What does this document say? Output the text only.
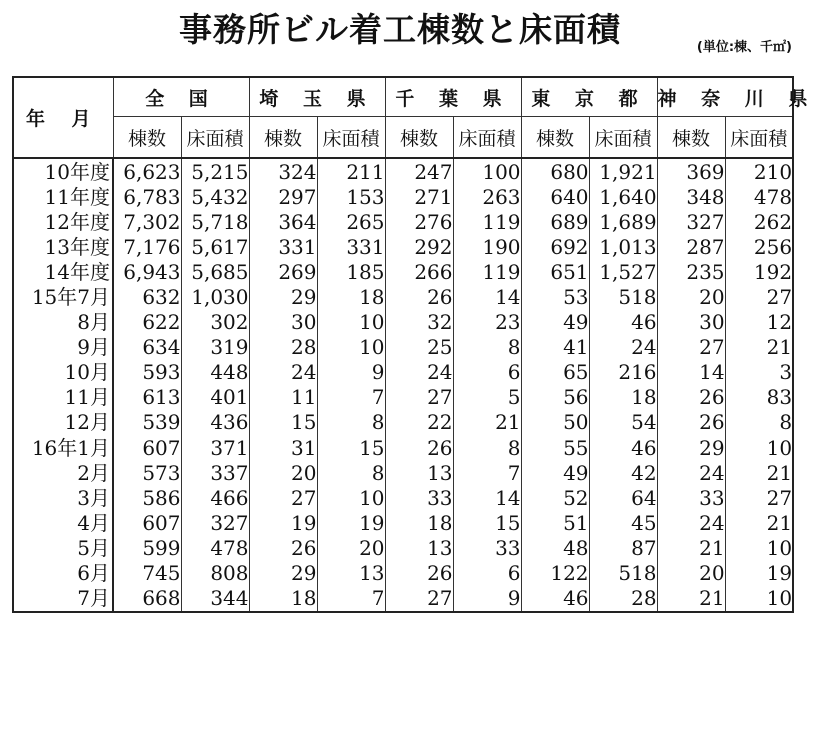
事務所ビル着工棟数と床面積	(単位:棟、千㎡)
年 月	全 国		埼 玉 県		千 葉 県		東 京 都		神 奈 川 県	
	棟数	床面積	棟数	床面積	棟数	床面積	棟数	床面積	棟数	床面積
10年度	6,623	5,215	324	211	247	100	680	1,921	369	210
11年度	6,783	5,432	297	153	271	263	640	1,640	348	478
12年度	7,302	5,718	364	265	276	119	689	1,689	327	262
13年度	7,176	5,617	331	331	292	190	692	1,013	287	256
14年度	6,943	5,685	269	185	266	119	651	1,527	235	192
15年7月	632	1,030	29	18	26	14	53	518	20	27
8月	622	302	30	10	32	23	49	46	30	12
9月	634	319	28	10	25	8	41	24	27	21
10月	593	448	24	9	24	6	65	216	14	3
11月	613	401	11	7	27	5	56	18	26	83
12月	539	436	15	8	22	21	50	54	26	8
16年1月	607	371	31	15	26	8	55	46	29	10
2月	573	337	20	8	13	7	49	42	24	21
3月	586	466	27	10	33	14	52	64	33	27
4月	607	327	19	19	18	15	51	45	24	21
5月	599	478	26	20	13	33	48	87	21	10
6月	745	808	29	13	26	6	122	518	20	19
7月	668	344	18	7	27	9	46	28	21	10
